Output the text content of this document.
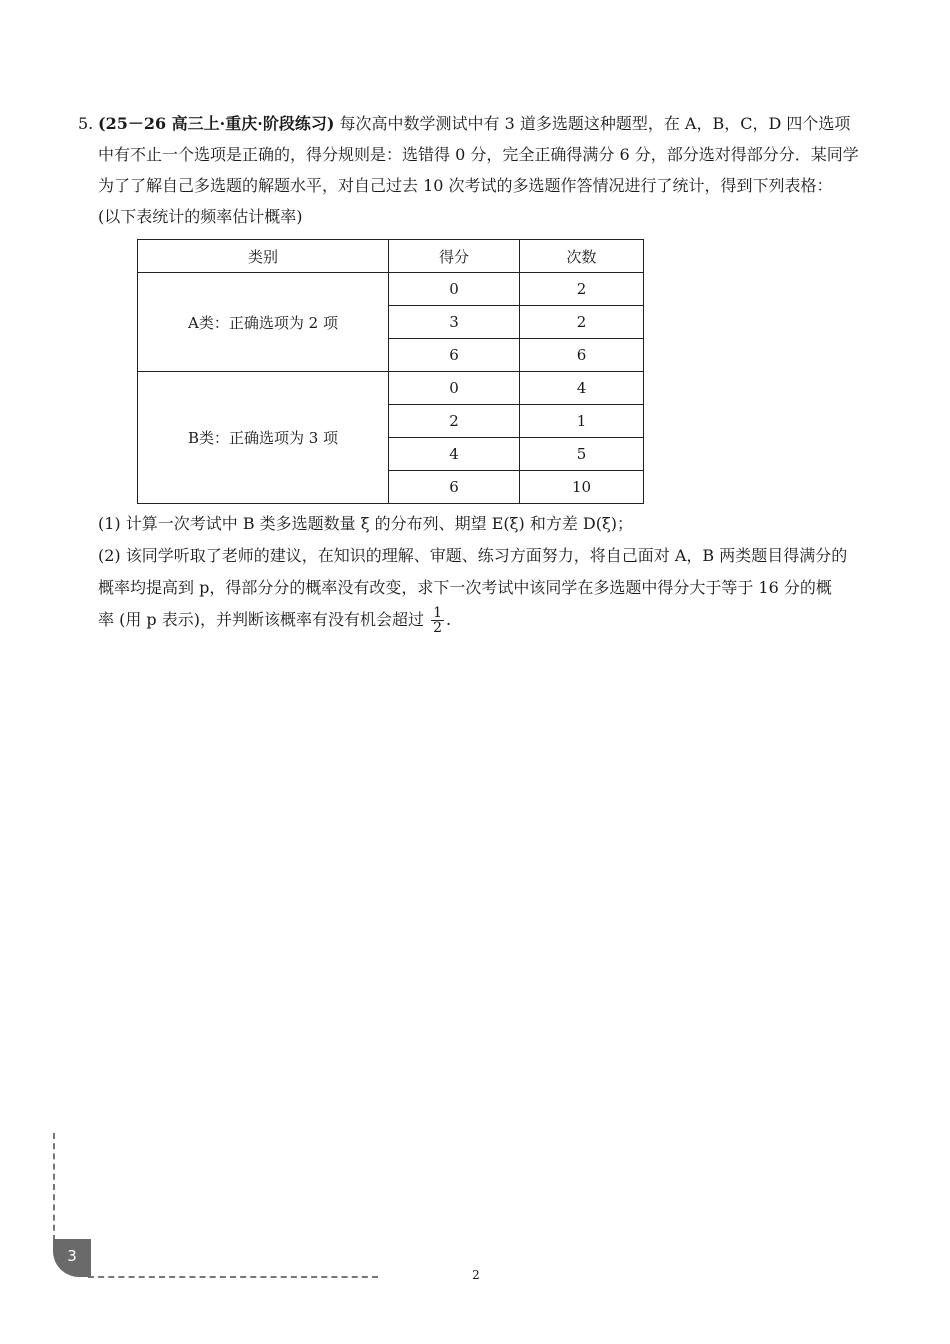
5. (25－26 高三上·重庆·阶段练习) 每次高中数学测试中有 3 道多选题这种题型，在 A，B，C，D 四个选项
中有不止一个选项是正确的，得分规则是：选错得 0 分，完全正确得满分 6 分，部分选对得部分分．某同学
为了了解自己多选题的解题水平，对自己过去 10 次考试的多选题作答情况进行了统计，得到下列表格：
(以下表统计的频率估计概率)
类别	得分	次数
A类：正确选项为 2 项	0	2
	3	2
	6	6
B类：正确选项为 3 项	0	4
	2	1
	4	5
	6	10
(1) 计算一次考试中 B 类多选题数量 ξ 的分布列、期望 E(ξ) 和方差 D(ξ)；
(2) 该同学听取了老师的建议，在知识的理解、审题、练习方面努力，将自己面对 A，B 两类题目得满分的
概率均提高到 p，得部分分的概率没有改变，求下一次考试中该同学在多选题中得分大于等于 16 分的概
率 (用 p 表示)，并判断该概率有没有机会超过 $\frac{1}{2}$ .
3
2
